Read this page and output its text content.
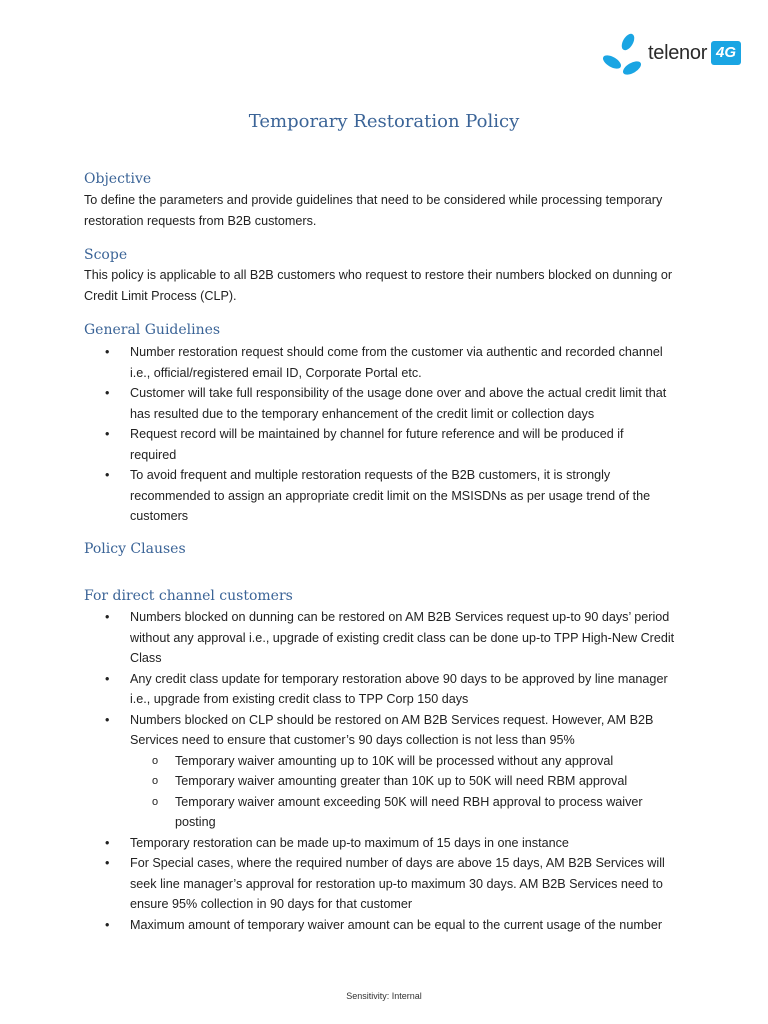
telenor 4G
Temporary Restoration Policy
Objective
To define the parameters and provide guidelines that need to be considered while processing temporary
restoration requests from B2B customers.
Scope
This policy is applicable to all B2B customers who request to restore their numbers blocked on dunning or
Credit Limit Process (CLP).
General Guidelines
• Number restoration request should come from the customer via authentic and recorded channel
i.e., official/registered email ID, Corporate Portal etc.
• Customer will take full responsibility of the usage done over and above the actual credit limit that
has resulted due to the temporary enhancement of the credit limit or collection days
• Request record will be maintained by channel for future reference and will be produced if
required
• To avoid frequent and multiple restoration requests of the B2B customers, it is strongly
recommended to assign an appropriate credit limit on the MSISDNs as per usage trend of the
customers
Policy Clauses
For direct channel customers
• Numbers blocked on dunning can be restored on AM B2B Services request up-to 90 days’ period
without any approval i.e., upgrade of existing credit class can be done up-to TPP High-New Credit
Class
• Any credit class update for temporary restoration above 90 days to be approved by line manager
i.e., upgrade from existing credit class to TPP Corp 150 days
• Numbers blocked on CLP should be restored on AM B2B Services request. However, AM B2B
Services need to ensure that customer’s 90 days collection is not less than 95%
o Temporary waiver amounting up to 10K will be processed without any approval
o Temporary waiver amounting greater than 10K up to 50K will need RBM approval
o Temporary waiver amount exceeding 50K will need RBH approval to process waiver
posting
• Temporary restoration can be made up-to maximum of 15 days in one instance
• For Special cases, where the required number of days are above 15 days, AM B2B Services will
seek line manager’s approval for restoration up-to maximum 30 days. AM B2B Services need to
ensure 95% collection in 90 days for that customer
• Maximum amount of temporary waiver amount can be equal to the current usage of the number
Sensitivity: Internal
